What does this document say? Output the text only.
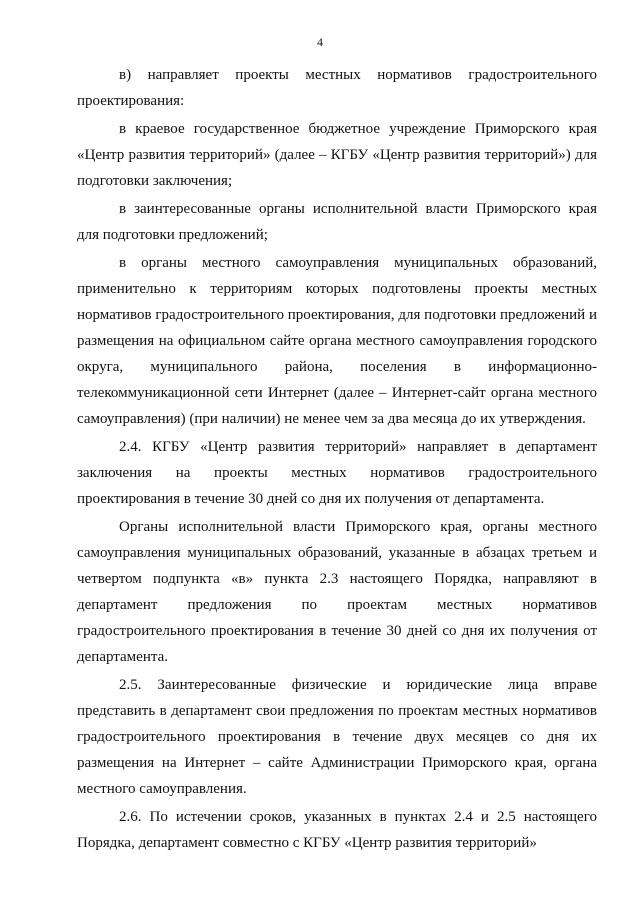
4

в) направляет проекты местных нормативов градостроительного проектирования:

в краевое государственное бюджетное учреждение Приморского края «Центр развития территорий» (далее – КГБУ «Центр развития территорий») для подготовки заключения;

в заинтересованные органы исполнительной власти Приморского края для подготовки предложений;

в органы местного самоуправления муниципальных образований, применительно к территориям которых подготовлены проекты местных нормативов градостроительного проектирования, для подготовки предложений и размещения на официальном сайте органа местного самоуправления городского округа, муниципального района, поселения в информационно-телекоммуникационной сети Интернет (далее – Интернет-сайт органа местного самоуправления) (при наличии) не менее чем за два месяца до их утверждения.

2.4. КГБУ «Центр развития территорий» направляет в департамент заключения на проекты местных нормативов градостроительного проектирования в течение 30 дней со дня их получения от департамента.

Органы исполнительной власти Приморского края, органы местного самоуправления муниципальных образований, указанные в абзацах третьем и четвертом подпункта «в» пункта 2.3 настоящего Порядка, направляют в департамент предложения по проектам местных нормативов градостроительного проектирования в течение 30 дней со дня их получения от департамента.

2.5. Заинтересованные физические и юридические лица вправе представить в департамент свои предложения по проектам местных нормативов градостроительного проектирования в течение двух месяцев со дня их размещения на Интернет – сайте Администрации Приморского края, органа местного самоуправления.

2.6. По истечении сроков, указанных в пунктах 2.4 и 2.5 настоящего Порядка, департамент совместно с КГБУ «Центр развития территорий»
